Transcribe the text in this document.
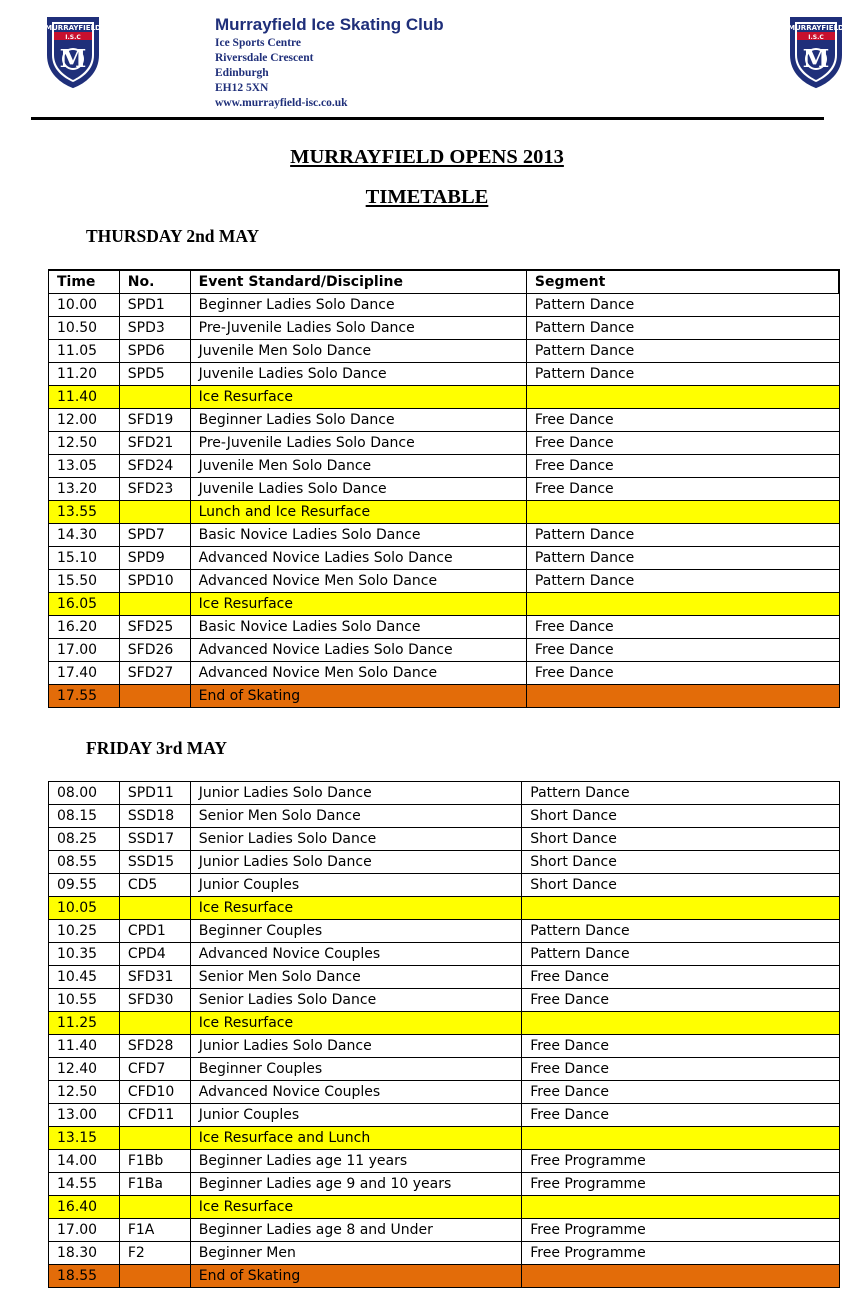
MURRAYFIELD
I.S.C
M
MURRAYFIELD
I.S.C
M

Murrayfield Ice Skating Club

Ice Sports Centre

Riversdale Crescent

Edinburgh

EH12 5XN

www.murrayfield-isc.co.uk

MURRAYFIELD OPENS 2013
TIMETABLE
THURSDAY 2nd MAY
Time	No.	Event Standard/Discipline	Segment
10.00	SPD1	Beginner Ladies Solo Dance	Pattern Dance
10.50	SPD3	Pre-Juvenile Ladies Solo Dance	Pattern Dance
11.05	SPD6	Juvenile Men Solo Dance	Pattern Dance
11.20	SPD5	Juvenile Ladies Solo Dance	Pattern Dance
11.40		Ice Resurface	
12.00	SFD19	Beginner Ladies Solo Dance	Free Dance
12.50	SFD21	Pre-Juvenile Ladies Solo Dance	Free Dance
13.05	SFD24	Juvenile Men Solo Dance	Free Dance
13.20	SFD23	Juvenile Ladies Solo Dance	Free Dance
13.55		Lunch and Ice Resurface	
14.30	SPD7	Basic Novice Ladies Solo Dance	Pattern Dance
15.10	SPD9	Advanced Novice Ladies Solo Dance	Pattern Dance
15.50	SPD10	Advanced Novice Men Solo Dance	Pattern Dance
16.05		Ice Resurface	
16.20	SFD25	Basic Novice Ladies Solo Dance	Free Dance
17.00	SFD26	Advanced Novice Ladies Solo Dance	Free Dance
17.40	SFD27	Advanced Novice Men Solo Dance	Free Dance
17.55		End of Skating	
FRIDAY 3rd MAY
08.00	SPD11	Junior Ladies Solo Dance	Pattern Dance
08.15	SSD18	Senior Men Solo Dance	Short Dance
08.25	SSD17	Senior Ladies Solo Dance	Short Dance
08.55	SSD15	Junior Ladies Solo Dance	Short Dance
09.55	CD5	Junior Couples	Short Dance
10.05		Ice Resurface	
10.25	CPD1	Beginner Couples	Pattern Dance
10.35	CPD4	Advanced Novice Couples	Pattern Dance
10.45	SFD31	Senior Men Solo Dance	Free Dance
10.55	SFD30	Senior Ladies Solo Dance	Free Dance
11.25		Ice Resurface	
11.40	SFD28	Junior Ladies Solo Dance	Free Dance
12.40	CFD7	Beginner Couples	Free Dance
12.50	CFD10	Advanced Novice Couples	Free Dance
13.00	CFD11	Junior Couples	Free Dance
13.15		Ice Resurface and Lunch	
14.00	F1Bb	Beginner Ladies age 11 years	Free Programme
14.55	F1Ba	Beginner Ladies age 9 and 10 years	Free Programme
16.40		Ice Resurface	
17.00	F1A	Beginner Ladies age 8 and Under	Free Programme
18.30	F2	Beginner Men	Free Programme
18.55		End of Skating	
